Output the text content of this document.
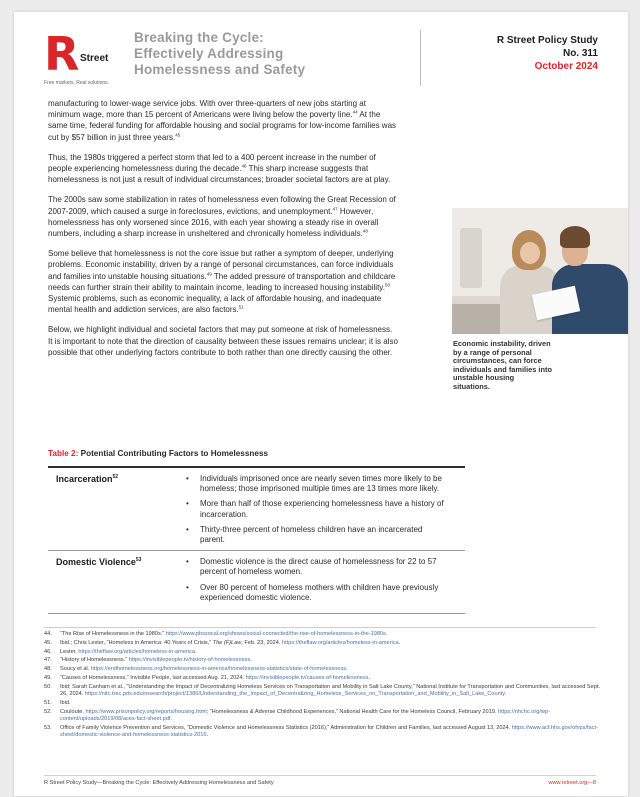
R Street
Free markets. Real solutions.
Breaking the Cycle:
Effectively Addressing
Homelessness and Safety
R Street Policy Study
No. 311
October 2024

manufacturing to lower-wage service jobs. With over three-quarters of new jobs starting at minimum wage, more than 15 percent of Americans were living below the poverty line.$^{44}$ At the same time, federal funding for affordable housing and social programs for low-income families was cut by $57 billion in just three years.$^{45}$

Thus, the 1980s triggered a perfect storm that led to a 400 percent increase in the number of people experiencing homelessness during the decade.$^{46}$ This sharp increase suggests that homelessness is not just a result of individual circumstances; broader societal factors are at play.

The 2000s saw some stabilization in rates of homelessness even following the Great Recession of 2007-2009, which caused a surge in foreclosures, evictions, and unemployment.$^{47}$ However, homelessness has only worsened since 2016, with each year showing a steady rise in overall numbers, including a sharp increase in unsheltered and chronically homeless individuals.$^{48}$

Some believe that homelessness is not the core issue but rather a symptom of deeper, underlying problems. Economic instability, driven by a range of personal circumstances, can force individuals and families into unstable housing situations.$^{49}$ The added pressure of transportation and childcare needs can further strain their ability to maintain income, leading to increased housing instability.$^{50}$ Systemic problems, such as economic inequality, a lack of affordable housing, and inadequate mental health and addiction services, are also factors.$^{51}$

Below, we highlight individual and societal factors that may put someone at risk of homelessness. It is important to note that the direction of causality between these issues remains unclear; it is also possible that other underlying factors contribute to both rather than one directly causing the other.

Economic instability, driven by a range of personal circumstances, can force individuals and families into unstable housing situations.
Table 2: Potential Contributing Factors to Homelessness
Incarceration$^{52}$	• Individuals imprisoned once are nearly seven times more likely to be homeless; those imprisoned multiple times are 13 times more likely.
• More than half of those experiencing homelessness have a history of incarceration.
• Thirty-three percent of homeless children have an incarcerated parent.
Domestic Violence$^{53}$	• Domestic violence is the direct cause of homelessness for 22 to 57 percent of homeless women.
• Over 80 percent of homeless mothers with children have previously experienced domestic violence.
44. “The Rise of Homelessness in the 1980s.” https://www.pbssocal.org/shows/social-connected/the-rise-of-homelessness-in-the-1980s.
45. Ibid.; Chris Lester, “Homeless in America: 40 Years of Crisis,” The (F)Law, Feb. 23, 2024. https://theflaw.org/articles/homeless-in-america.
46. Lester. https://theflaw.org/articles/homeless-in-america.
47. “History of Homelessness.” https://invisiblepeople.tv/history-of-homelessness.
48. Soucy et al. https://endhomelessness.org/homelessness-in-america/homelessness-statistics/state-of-homelessness.
49. “Causes of Homelessness,” Invisible People, last accessed Aug. 21, 2024. https://invisiblepeople.tv/causes-of-homelessness.
50. Ibid; Sarah Canham et al., “Understanding the Impact of Decentralizing Homeless Services on Transportation and Mobility in Salt Lake County,” National Institute for Transportation and Communities, last accessed Sept. 26, 2024. https://nitc.trec.pdx.edu/research/project/1386/Understanding_the_Impact_of_Decentralizing_Homeless_Services_on_Transportation_and_Mobility_in_Salt_Lake_County.
51. Ibid.
52. Couloute. https://www.prisonpolicy.org/reports/housing.html; “Homelessness & Adverse Childhood Experiences,” National Health Care for the Homeless Council, February 2019. https://nhchc.org/wp-content/uploads/2019/08/aces-fact-sheet.pdf.
53. Office of Family Violence Prevention and Services, “Domestic Violence and Homelessness Statistics (2016),” Administration for Children and Families, last accessed August 13, 2024. https://www.acf.hhs.gov/ofvps/fact-sheet/domestic-violence-and-homelessness-statistics-2016.
R Street Policy Study—Breaking the Cycle: Effectively Addressing Homelessness and Safety	www.rstreet.org—8
